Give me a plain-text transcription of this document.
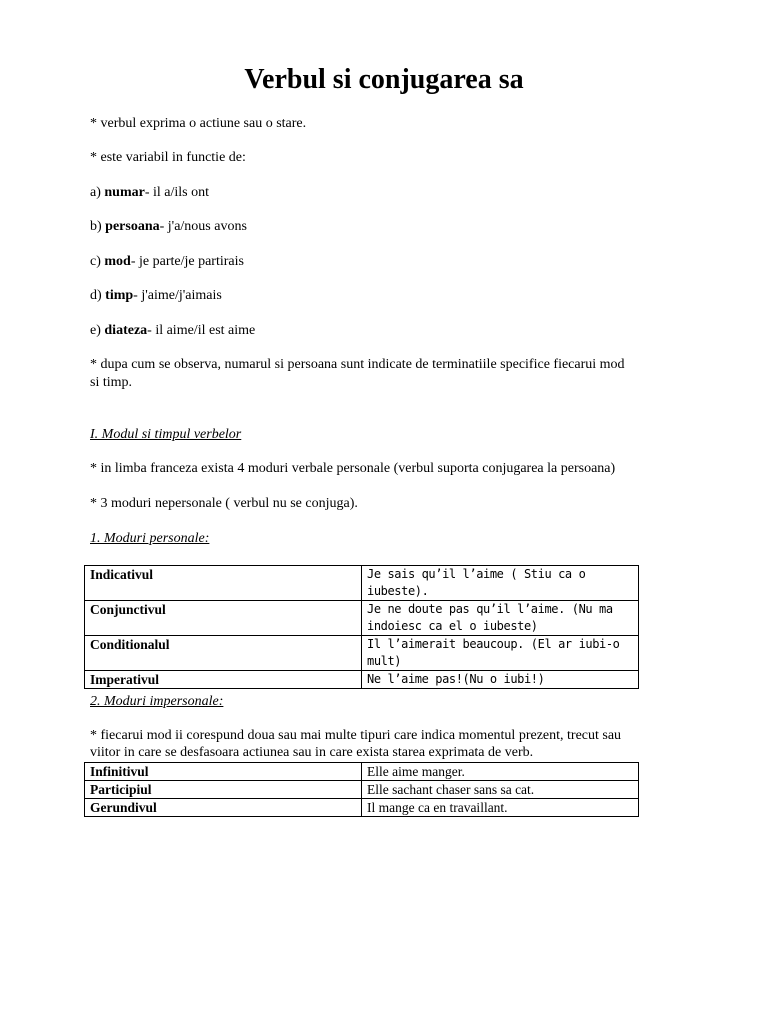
Verbul si conjugarea sa
* verbul exprima o actiune sau o stare.
* este variabil in functie de:
a) numar- il a/ils ont
b) persoana- j'a/nous avons
c) mod- je parte/je partirais
d) timp- j'aime/j'aimais
e) diateza- il aime/il est aime
* dupa cum se observa, numarul si persoana sunt indicate de terminatiile specifice fiecarui mod
si timp.
I. Modul si timpul verbelor
* in limba franceza exista 4 moduri verbale personale (verbul suporta conjugarea la persoana)
* 3 moduri nepersonale ( verbul nu se conjuga).
1. Moduri personale:
Indicativul	Je sais qu’il l’aime ( Stiu ca o iubeste).
Conjunctivul	Je ne doute pas qu’il l’aime. (Nu ma
indoiesc ca el o iubeste)

Conditionalul	Il l’aimerait beaucoup. (El ar iubi-o mult)
Imperativul	Ne l’aime pas!(Nu o iubi!)
2. Moduri impersonale:
* fiecarui mod ii corespund doua sau mai multe tipuri care indica momentul prezent, trecut sau
viitor in care se desfasoara actiunea sau in care exista starea exprimata de verb.
Infinitivul	Elle aime manger.
Participiul	Elle sachant chaser sans sa cat.
Gerundivul	Il mange ca en travaillant.
